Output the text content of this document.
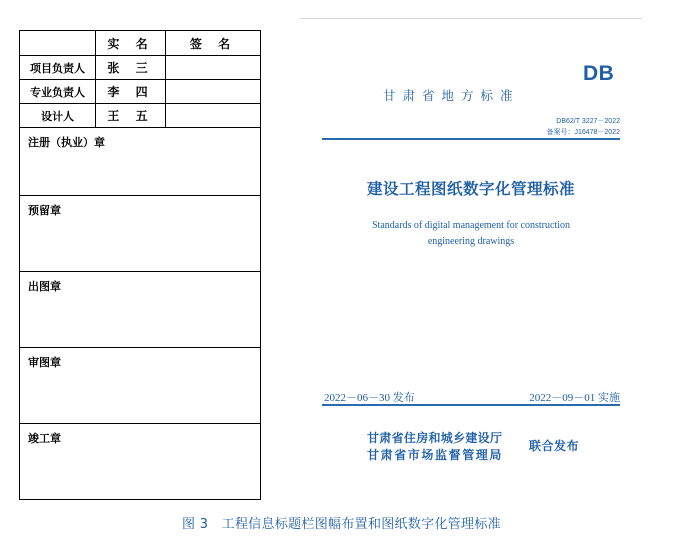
	实 名	签 名
项目负责人	张 三	
专业负责人	李 四	
设计人	王 五	
注册（执业）章		
预留章		
出图章		
审图章		
竣工章		
DB
甘肃省地方标准
DB62/T 3227－2022
备案号：J16478－2022
建设工程图纸数字化管理标准
Standards of digital management for construction
engineering drawings
2022－06－30 发布	2022－09－01 实施
甘肃省住房和城乡建设厅
甘肃省市场监督管理局
联合发布
图 3　工程信息标题栏图幅布置和图纸数字化管理标准
